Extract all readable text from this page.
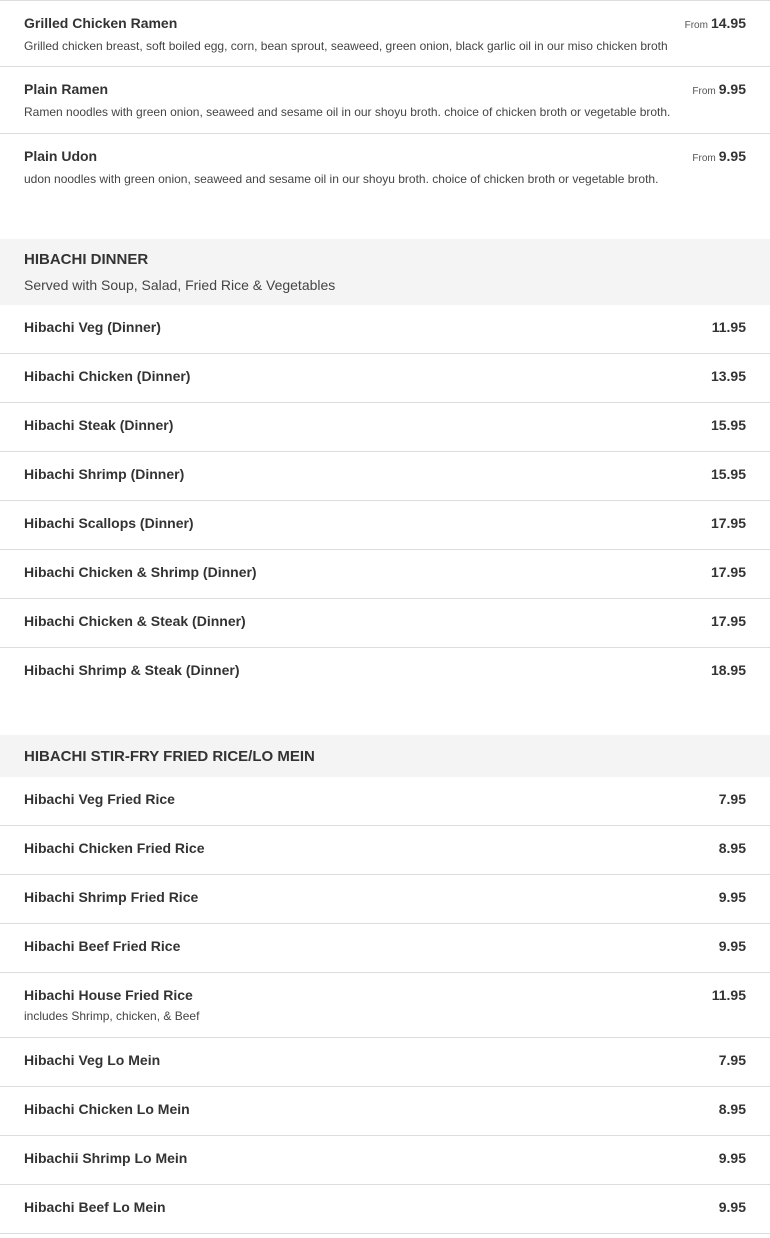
Grilled Chicken Ramen	From 14.95
Grilled chicken breast, soft boiled egg, corn, bean sprout, seaweed, green onion, black garlic oil in our miso chicken broth
Plain Ramen	From 9.95
Ramen noodles with green onion, seaweed and sesame oil in our shoyu broth. choice of chicken broth or vegetable broth.
Plain Udon	From 9.95
udon noodles with green onion, seaweed and sesame oil in our shoyu broth. choice of chicken broth or vegetable broth.
HIBACHI DINNER
Served with Soup, Salad, Fried Rice & Vegetables
Hibachi Veg (Dinner)	11.95
Hibachi Chicken (Dinner)	13.95
Hibachi Steak (Dinner)	15.95
Hibachi Shrimp (Dinner)	15.95
Hibachi Scallops (Dinner)	17.95
Hibachi Chicken & Shrimp (Dinner)	17.95
Hibachi Chicken & Steak (Dinner)	17.95
Hibachi Shrimp & Steak (Dinner)	18.95
HIBACHI STIR-FRY FRIED RICE/LO MEIN
Hibachi Veg Fried Rice	7.95
Hibachi Chicken Fried Rice	8.95
Hibachi Shrimp Fried Rice	9.95
Hibachi Beef Fried Rice	9.95
Hibachi House Fried Rice	11.95
includes Shrimp, chicken, & Beef
Hibachi Veg Lo Mein	7.95
Hibachi Chicken Lo Mein	8.95
Hibachii Shrimp Lo Mein	9.95
Hibachi Beef Lo Mein	9.95
